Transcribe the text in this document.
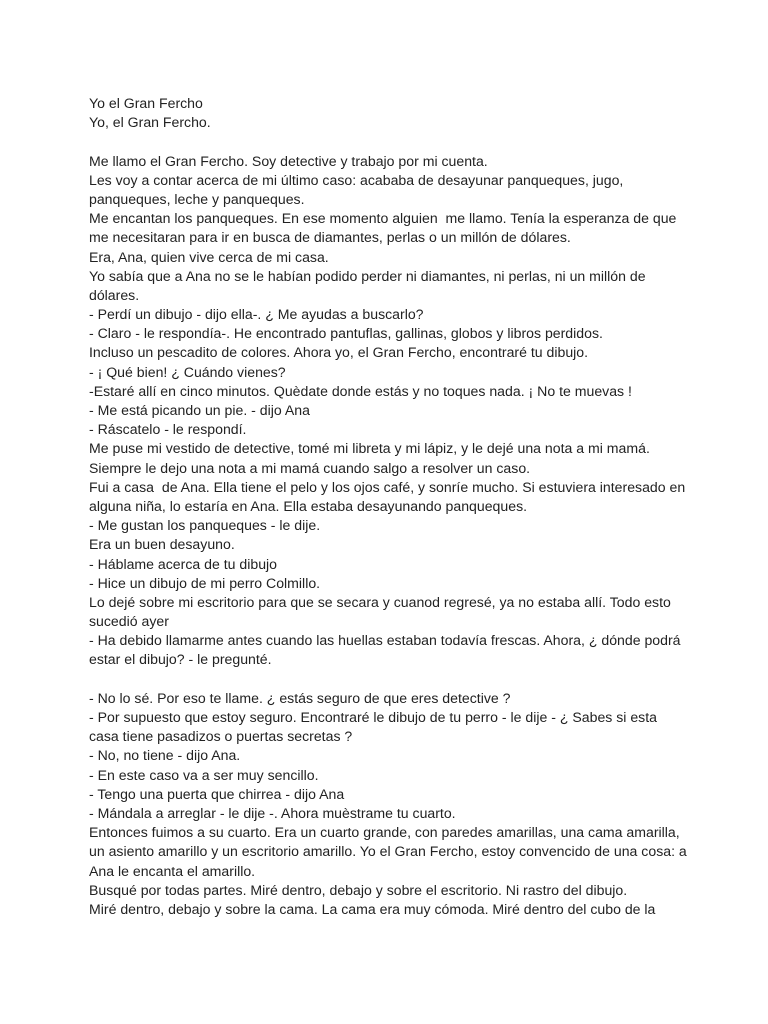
Yo el Gran Fercho
Yo, el Gran Fercho.
Me llamo el Gran Fercho. Soy detective y trabajo por mi cuenta.
Les voy a contar acerca de mi último caso: acababa de desayunar panqueques, jugo,
panqueques, leche y panqueques.
Me encantan los panqueques. En ese momento alguien  me llamo. Tenía la esperanza de que
me necesitaran para ir en busca de diamantes, perlas o un millón de dólares.
Era, Ana, quien vive cerca de mi casa.
Yo sabía que a Ana no se le habían podido perder ni diamantes, ni perlas, ni un millón de
dólares.
- Perdí un dibujo - dijo ella-. ¿ Me ayudas a buscarlo?
- Claro - le respondía-. He encontrado pantuflas, gallinas, globos y libros perdidos.
Incluso un pescadito de colores. Ahora yo, el Gran Fercho, encontraré tu dibujo.
- ¡ Qué bien! ¿ Cuándo vienes?
-Estaré allí en cinco minutos. Quèdate donde estás y no toques nada. ¡ No te muevas !
- Me está picando un pie. - dijo Ana
- Ráscatelo - le respondí.
Me puse mi vestido de detective, tomé mi libreta y mi lápiz, y le dejé una nota a mi mamá.
Siempre le dejo una nota a mi mamá cuando salgo a resolver un caso.
Fui a casa  de Ana. Ella tiene el pelo y los ojos café, y sonríe mucho. Si estuviera interesado en
alguna niña, lo estaría en Ana. Ella estaba desayunando panqueques.
- Me gustan los panqueques - le dije.
Era un buen desayuno.
- Háblame acerca de tu dibujo
- Hice un dibujo de mi perro Colmillo.
Lo dejé sobre mi escritorio para que se secara y cuanod regresé, ya no estaba allí. Todo esto
sucedió ayer
- Ha debido llamarme antes cuando las huellas estaban todavía frescas. Ahora, ¿ dónde podrá
estar el dibujo? - le pregunté.
- No lo sé. Por eso te llame. ¿ estás seguro de que eres detective ?
- Por supuesto que estoy seguro. Encontraré le dibujo de tu perro - le dije - ¿ Sabes si esta
casa tiene pasadizos o puertas secretas ?
- No, no tiene - dijo Ana.
- En este caso va a ser muy sencillo.
- Tengo una puerta que chirrea - dijo Ana
- Mándala a arreglar - le dije -. Ahora muèstrame tu cuarto.
Entonces fuimos a su cuarto. Era un cuarto grande, con paredes amarillas, una cama amarilla,
un asiento amarillo y un escritorio amarillo. Yo el Gran Fercho, estoy convencido de una cosa: a
Ana le encanta el amarillo.
Busqué por todas partes. Miré dentro, debajo y sobre el escritorio. Ni rastro del dibujo.
Miré dentro, debajo y sobre la cama. La cama era muy cómoda. Miré dentro del cubo de la
